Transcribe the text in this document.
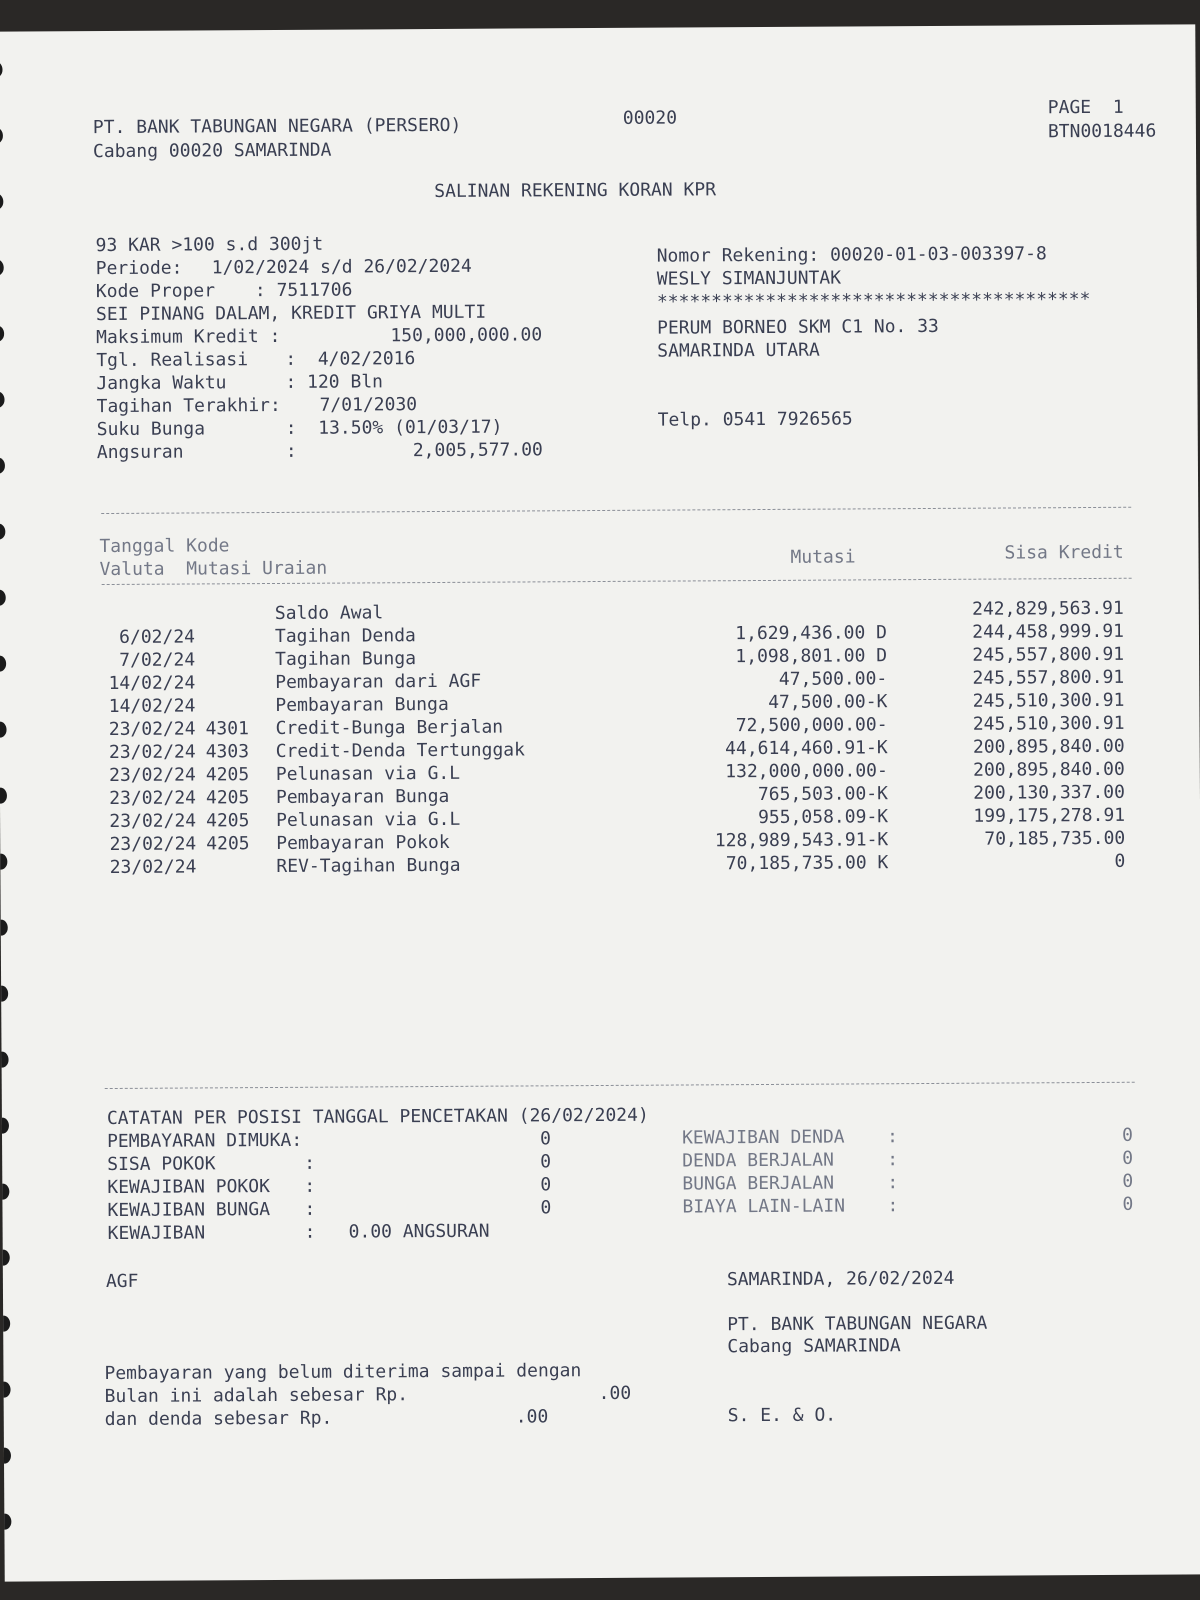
PT. BANK TABUNGAN NEGARA (PERSERO)
Cabang 00020 SAMARINDA
00020	PAGE  1
BTN0018446
SALINAN REKENING KORAN KPR
93 KAR >100 s.d 300jt
Periode: 1/02/2024 s/d 26/02/2024
Kode Proper : 7511706
SEI PINANG DALAM, KREDIT GRIYA MULTI
Maksimum Kredit :	150,000,000.00
Tgl. Realisasi :  4/02/2016
Jangka Waktu	: 120 Bln
Tagihan Terakhir: 7/01/2030
Suku Bunga	:  13.50% (01/03/17)
Angsuran	:	2,005,577.00
Nomor Rekening: 00020-01-03-003397-8
WESLY SIMANJUNTAK
****************************************
PERUM BORNEO SKM C1 No. 33
SAMARINDA UTARA
Telp. 0541 7926565
Tanggal Kode
Valuta  Mutasi Uraian
Mutasi	Sisa Kredit
Saldo Awal	242,829,563.91
6/02/24	Tagihan Denda	1,629,436.00 D	244,458,999.91
7/02/24	Tagihan Bunga	1,098,801.00 D	245,557,800.91
14/02/24	Pembayaran dari AGF	47,500.00-	245,557,800.91
14/02/24	Pembayaran Bunga	47,500.00-K	245,510,300.91
23/02/24 4301 Credit-Bunga Berjalan	72,500,000.00-	245,510,300.91
23/02/24 4303 Credit-Denda Tertunggak	44,614,460.91-K	200,895,840.00
23/02/24 4205 Pelunasan via G.L	132,000,000.00-	200,895,840.00
23/02/24 4205 Pembayaran Bunga	765,503.00-K	200,130,337.00
23/02/24 4205 Pelunasan via G.L	955,058.09-K	199,175,278.91
23/02/24 4205 Pembayaran Pokok	128,989,543.91-K	70,185,735.00
23/02/24	REV-Tagihan Bunga	70,185,735.00 K	0
CATATAN PER POSISI TANGGAL PENCETAKAN (26/02/2024)
PEMBAYARAN DIMUKA:	0
SISA POKOK	:	0
KEWAJIBAN POKOK :	0
KEWAJIBAN BUNGA :	0
KEWAJIBAN DENDA :	0
DENDA BERJALAN	:	0
BUNGA BERJALAN	:	0
BIAYA LAIN-LAIN :	0
KEWAJIBAN	: 0.00 ANGSURAN
AGF	SAMARINDA, 26/02/2024
PT. BANK TABUNGAN NEGARA
Cabang SAMARINDA
Pembayaran yang belum diterima sampai dengan
Bulan ini adalah sebesar Rp.	.00
dan denda sebesar Rp.	.00	S. E. & O.
